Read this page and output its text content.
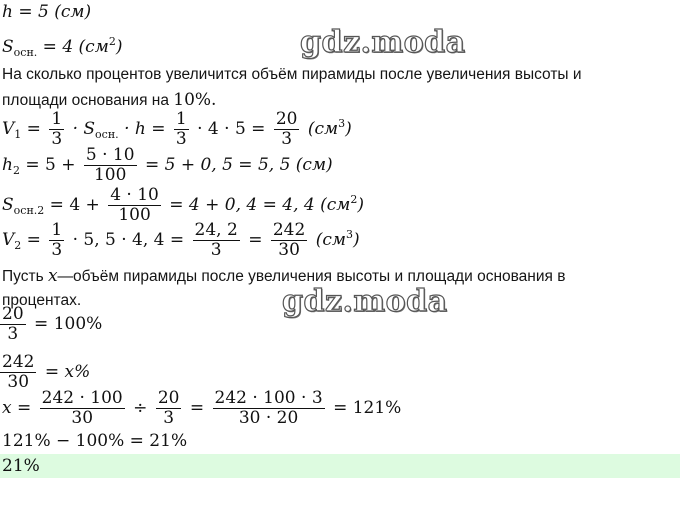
gdz.moda
gdz.moda
h = 5 (см)
$S_{осн.} = 4$ $(см^2)$
На сколько процентов увеличится объём пирамиды после увеличения высоты и
площади основания на 10%.
$V_1 = \frac{1}{3} \cdot S_{осн.} \cdot h = \frac{1}{3} \cdot 4 \cdot 5 = \frac{20}{3} (см^3)$
$h_2 = 5 + \frac{5 \cdot 10}{100} = 5 + 0$, 5 = 5, 5 (см)
$S_{осн.2} = 4 + \frac{4 \cdot 10}{100} = 4 + 0$, 4 = 4, 4 $(см^2)$
$V_2 = \frac{1}{3} \cdot 5$, 5 · 4, $4 = \frac{24, 2}{3} = \frac{242}{30} (см^3)$
Пусть x—объём пирамиды после увеличения высоты и площади основания в
процентах.
$\frac{20}{3} = 100\%$
$\frac{242}{30} = x\%$
$x = \frac{242 \cdot 100}{30} \div \frac{20}{3} = \frac{242 \cdot 100 \cdot 3}{30 \cdot 20} = 121\%$
121% − 100% = 21%
21%
